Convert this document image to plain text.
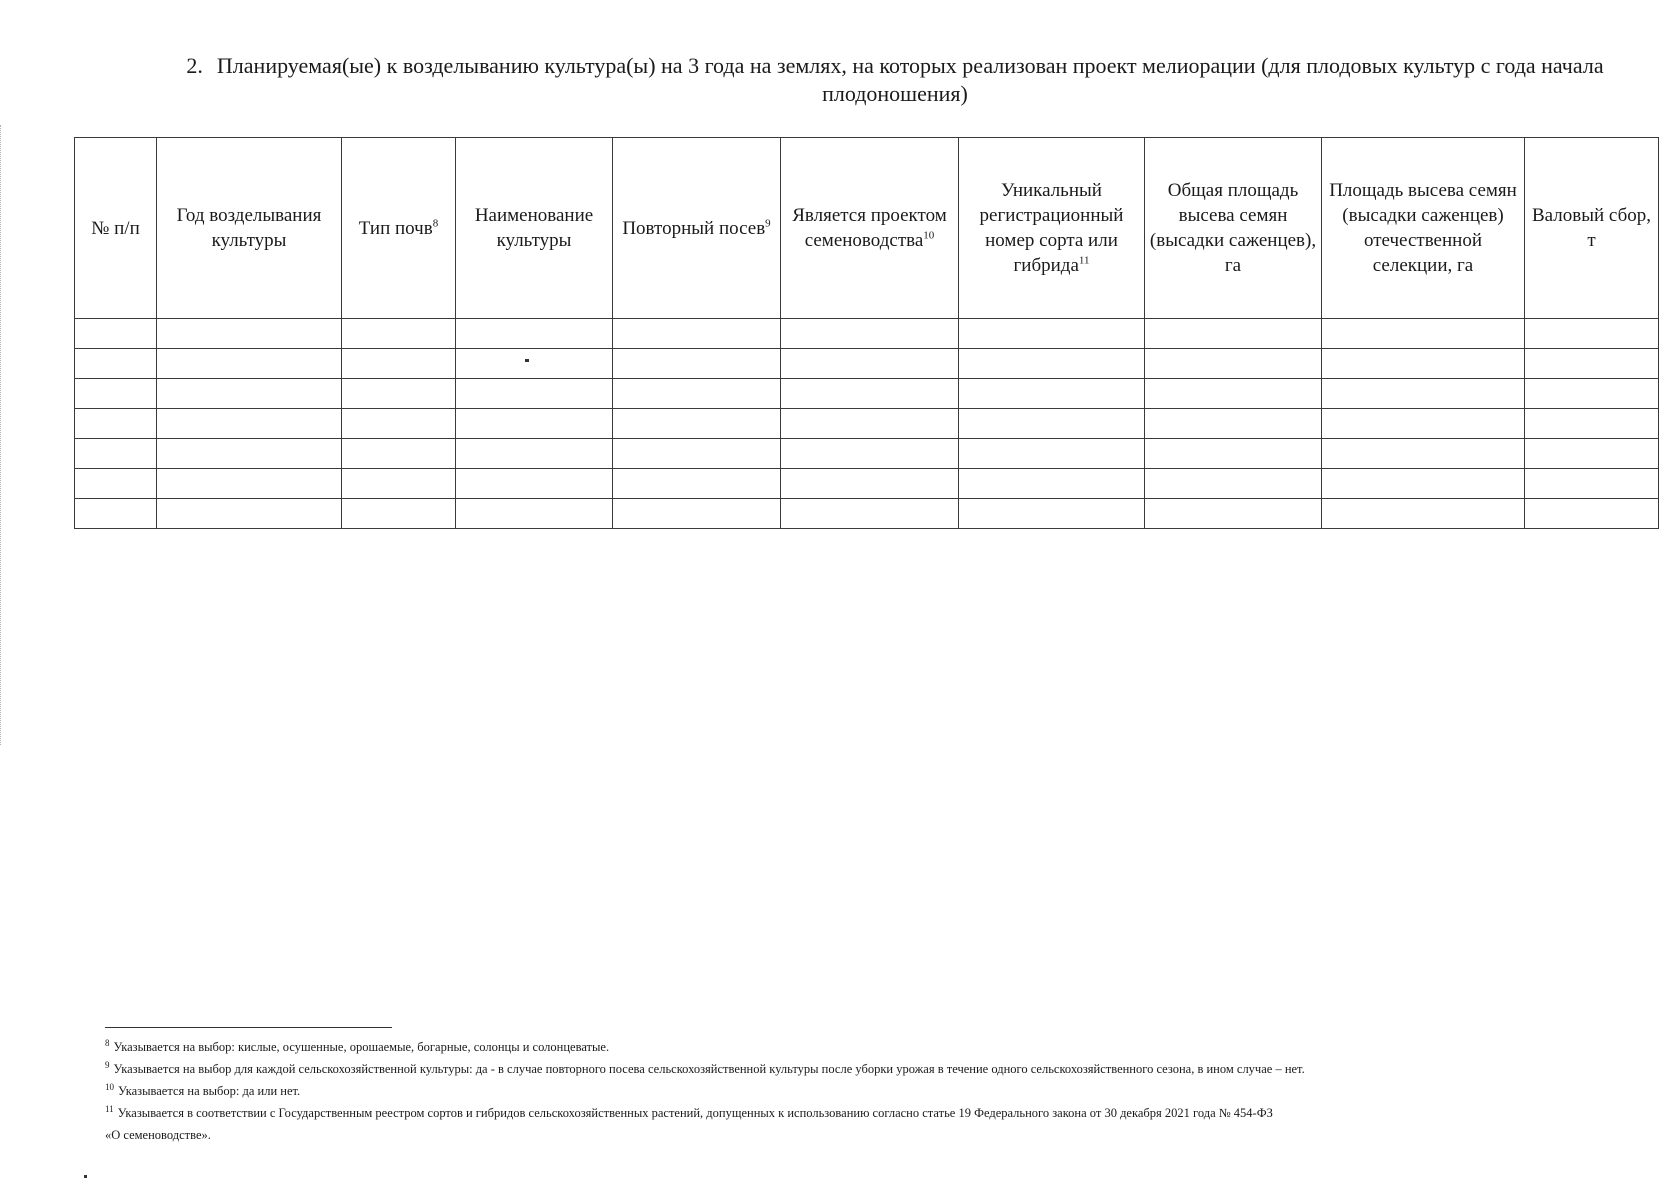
2. Планируемая(ые) к возделыванию культура(ы) на 3 года на землях, на которых реализован проект мелиорации (для плодовых культур с года начала плодоношения)
№ п/п	Год возделывания культуры	Тип почв$^8$	Наименование культуры	Повторный посев$^9$	Является проектом семеноводства$^{10}$	Уникальный регистрационный номер сорта или гибрида$^{11}$	Общая площадь высева семян (высадки саженцев), га	Площадь высева семян (высадки саженцев) отечественной селекции, га	Валовый сбор, т

$^8$ Указывается на выбор: кислые, осушенные, орошаемые, богарные, солонцы и солонцеватые.
$^9$ Указывается на выбор для каждой сельскохозяйственной культуры: да - в случае повторного посева сельскохозяйственной культуры после уборки урожая в течение одного сельскохозяйственного сезона, в ином случае – нет.
$^{10}$ Указывается на выбор: да или нет.
$^{11}$ Указывается в соответствии с Государственным реестром сортов и гибридов сельскохозяйственных растений, допущенных к использованию согласно статье 19 Федерального закона от 30 декабря 2021 года № 454-ФЗ
«О семеноводстве».
